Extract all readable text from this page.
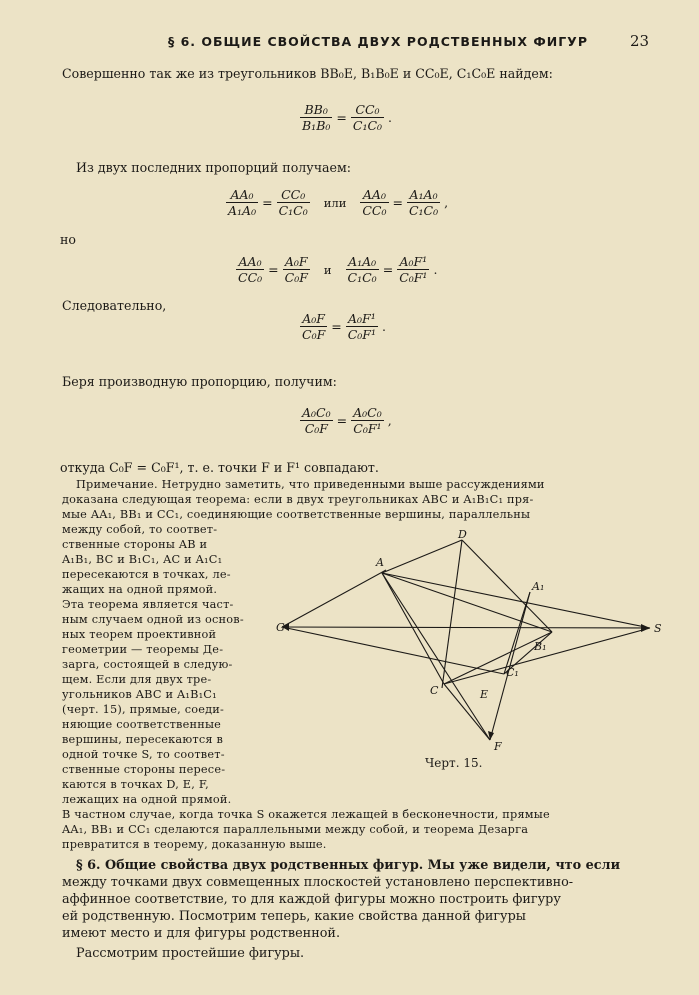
§ 6. ОБЩИЕ СВОЙСТВА ДВУХ РОДСТВЕННЫХ ФИГУР	23
Совершенно так же из треугольников BB₀E, B₁B₀E и CC₀E, C₁C₀E найдем:
$\frac{\text{BB₀}}{\text{B₁B₀}} = \frac{\text{CC₀}}{\text{C₁C₀}}$ .
Из двух последних пропорций получаем:
$\frac{\text{AA₀}}{\text{A₁A₀}} = \frac{\text{CC₀}}{\text{C₁C₀}}$ или $\frac{\text{AA₀}}{\text{CC₀}} = \frac{\text{A₁A₀}}{\text{C₁C₀}}$ ,
но
$\frac{\text{AA₀}}{\text{CC₀}} = \frac{\text{A₀F}}{\text{C₀F}}$ и $\frac{\text{A₁A₀}}{\text{C₁C₀}} = \frac{\text{A₀F¹}}{\text{C₀F¹}}$ .
Следовательно,
$\frac{\text{A₀F}}{\text{C₀F}} = \frac{\text{A₀F¹}}{\text{C₀F¹}}$ .
Беря производную пропорцию, получим:
$\frac{\text{A₀C₀}}{\text{C₀F}} = \frac{\text{A₀C₀}}{\text{C₀F¹}}$ ,
откуда C₀F = C₀F¹, т. е. точки F и F¹ совпадают.
Примечание. Нетрудно заметить, что приведенными выше рассуждениями
доказана следующая теорема: если в двух треугольниках ABC и A₁B₁C₁ пря-
мые AA₁, BB₁ и CC₁, соединяющие соответственные вершины, параллельны
между собой, то соответ-
ственные стороны AB и
A₁B₁, BC и B₁C₁, AC и A₁C₁
пересекаются в точках, ле-
жащих на одной прямой.
Эта теорема является част-
ным случаем одной из основ-
ных теорем проективной
геометрии — теоремы Де-
зарга, состоящей в следую-
щем. Если для двух тре-
угольников ABC и A₁B₁C₁
(черт. 15), прямые, соеди-
няющие соответственные
вершины, пересекаются в
одной точке S, то соответ-
ственные стороны пересе-
каются в точках D, E, F,
лежащих на одной прямой.
В частном случае, когда точка S окажется лежащей в бесконечности, прямые
AA₁, BB₁ и CC₁ сделаются параллельными между собой, и теорема Дезарга
превратится в теорему, доказанную выше.
D
A
A₁
G	S
B₁
C
C₁
E
F
Черт. 15.
§ 6. Общие свойства двух родственных фигур. Мы уже видели, что если
между точками двух совмещенных плоскостей установлено перспективно-
аффинное соответствие, то для каждой фигуры можно построить фигуру
ей родственную. Посмотрим теперь, какие свойства данной фигуры
имеют место и для фигуры родственной.
Рассмотрим простейшие фигуры.
